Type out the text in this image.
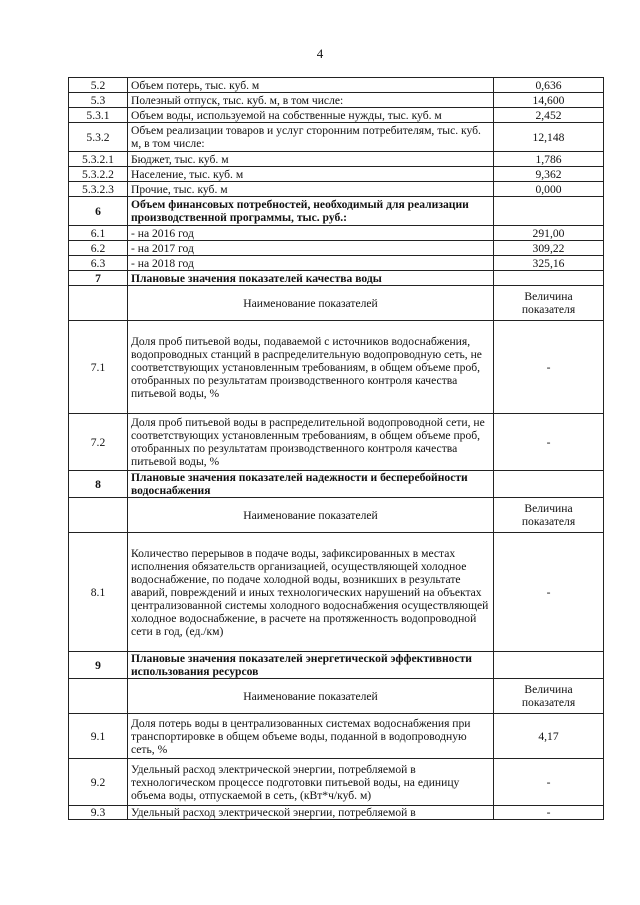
4
5.2	Объем потерь, тыс. куб. м	0,636
5.3	Полезный отпуск, тыс. куб. м, в том числе:	14,600
5.3.1	Объем воды, используемой на собственные нужды, тыс. куб. м	2,452
5.3.2	Объем реализации товаров и услуг сторонним потребителям, тыс. куб. м, в том числе:	12,148
5.3.2.1	Бюджет, тыс. куб. м	1,786
5.3.2.2	Население, тыс. куб. м	9,362
5.3.2.3	Прочие, тыс. куб. м	0,000
6	Объем финансовых потребностей, необходимый для реализации производственной программы, тыс. руб.:	
6.1	- на 2016 год	291,00
6.2	- на 2017 год	309,22
6.3	- на 2018 год	325,16
7	Плановые значения показателей качества воды	
	Наименование показателей	Величина показателя
7.1	Доля проб питьевой воды, подаваемой с источников водоснабжения, водопроводных станций в распределительную водопроводную сеть, не соответствующих установленным требованиям, в общем объеме проб, отобранных по результатам производственного контроля качества питьевой воды, %	-
7.2	Доля проб питьевой воды в распределительной водопроводной сети, не соответствующих установленным требованиям, в общем объеме проб, отобранных по результатам производственного контроля качества питьевой воды, %	-
8	Плановые значения показателей надежности и бесперебойности водоснабжения	
	Наименование показателей	Величина показателя
8.1	Количество перерывов в подаче воды, зафиксированных в местах исполнения обязательств организацией, осуществляющей холодное водоснабжение, по подаче холодной воды, возникших в результате аварий, повреждений и иных технологических нарушений на объектах централизованной системы холодного водоснабжения осуществляющей холодное водоснабжение, в расчете на протяженность водопроводной сети в год, (ед./км)	-
9	Плановые значения показателей энергетической эффективности использования ресурсов	
	Наименование показателей	Величина показателя
9.1	Доля потерь воды в централизованных системах водоснабжения при транспортировке в общем объеме воды, поданной в водопроводную сеть, %	4,17
9.2	Удельный расход электрической энергии, потребляемой в технологическом процессе подготовки питьевой воды, на единицу объема воды, отпускаемой в сеть, (кВт*ч/куб. м)	-
9.3	Удельный расход электрической энергии, потребляемой в	-
